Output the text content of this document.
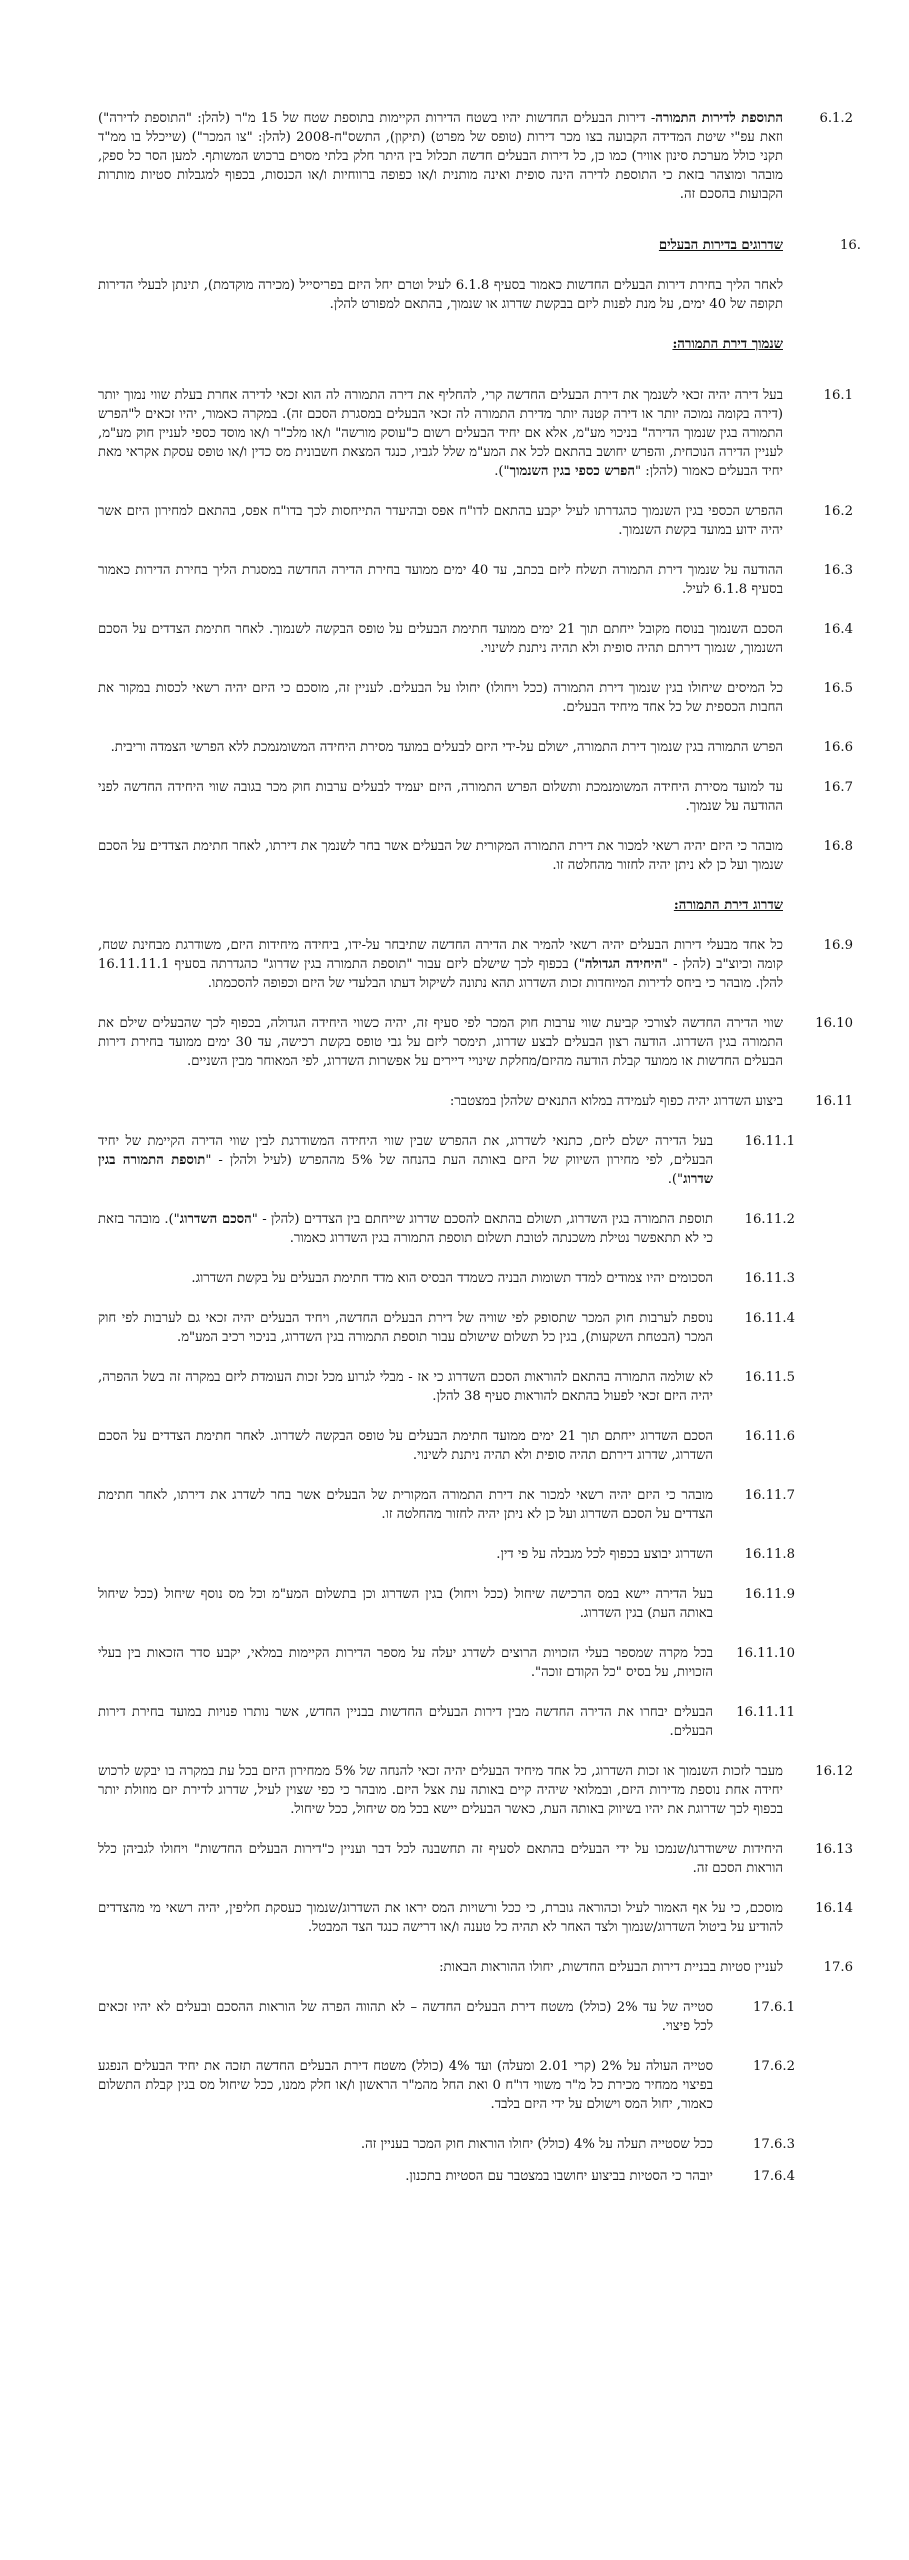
6.1.2
התוספת לדירות התמורה- דירות הבעלים החדשות יהיו בשטח הדירות הקיימות בתוספת שטח של 15 מ"ר (להלן: "התוספת לדירה") וזאת עפ"י שיטת המדידה הקבועה בצו מכר דירות (טופס של מפרט) (תיקון), התשס"ח-2008 (להלן: "צו המכר") (שייכלל בו ממ"ד תקני כולל מערכת סינון אוויר) כמו כן, כל דירות הבעלים חדשה תכלול בין היתר חלק בלתי מסוים ברכוש המשותף. למען הסר כל ספק, מובהר ומוצהר בזאת כי התוספת לדירה הינה סופית ואינה מותנית ו/או כפופה ברווחיות ו/או הכנסות, בכפוף למגבלות סטיות מותרות הקבועות בהסכם זה.
16.
שדרוגים בדירות הבעלים
לאחר הליך בחירת דירות הבעלים החדשות כאמור בסעיף 6.1.8 לעיל וטרם יחל היזם בפריסייל (מכירה מוקדמת), תינתן לבעלי הדירות תקופה של 40 ימים, על מנת לפנות ליזם בבקשת שדרוג או שנמוך, בהתאם למפורט להלן.
שנמוך דירת התמורה:
16.1
בעל דירה יהיה זכאי לשנמך את דירת הבעלים החדשה קרי, להחליף את דירה התמורה לה הוא זכאי לדירה אחרת בעלת שווי נמוך יותר (דירה בקומה נמוכה יותר או דירה קטנה יותר מדירת התמורה לה זכאי הבעלים במסגרת הסכם זה). במקרה כאמור, יהיו זכאים ל"הפרש התמורה בגין שנמוך הדירה" בניכוי מע"מ, אלא אם יחיד הבעלים רשום כ"עוסק מורשה" ו/או מלכ"ר ו/או מוסד כספי לעניין חוק מע"מ, לעניין הדירה הנוכחית, והפרש יחושב בהתאם לכל את המע"מ שלל לגביו, כנגד המצאת חשבונית מס כדין ו/או טופס עסקת אקראי מאת יחיד הבעלים כאמור (להלן: "הפרש כספי בגין השנמוך").
16.2
ההפרש הכספי בגין השנמוך כהגדרתו לעיל יקבע בהתאם לדו"ח אפס ובהיעדר התייחסות לכך בדו"ח אפס, בהתאם למחירון היזם אשר יהיה ידוע במועד בקשת השנמוך.
16.3
ההודעה על שנמוך דירת התמורה תשלח ליזם בכתב, עד 40 ימים ממועד בחירת הדירה החדשה במסגרת הליך בחירת הדירות כאמור בסעיף 6.1.8 לעיל.
16.4
הסכם השנמוך בנוסח מקובל ייחתם תוך 21 ימים ממועד חתימת הבעלים על טופס הבקשה לשנמוך. לאחר חתימת הצדדים על הסכם השנמוך, שנמוך דירתם תהיה סופית ולא תהיה ניתנת לשינוי.
16.5
כל המיסים שיחולו בגין שנמוך דירת התמורה (ככל ויחולו) יחולו על הבעלים. לעניין זה, מוסכם כי היזם יהיה רשאי לכסות במקור את החבות הכספית של כל אחד מיחיד הבעלים.
16.6
הפרש התמורה בגין שנמוך דירת התמורה, ישולם על-ידי היזם לבעלים במועד מסירת היחידה המשומנמכת ללא הפרשי הצמדה וריבית.
16.7
עד למועד מסירת היחידה המשומנמכת ותשלום הפרש התמורה, היזם יעמיד לבעלים ערבות חוק מכר בגובה שווי היחידה החדשה לפני ההודעה על שנמוך.
16.8
מובהר כי היזם יהיה רשאי למכור את דירת התמורה המקורית של הבעלים אשר בחר לשנמך את דירתו, לאחר חתימת הצדדים על הסכם שנמוך ועל כן לא ניתן יהיה לחזור מהחלטה זו.
שדרוג דירת התמורה:
16.9
כל אחד מבעלי דירות הבעלים יהיה רשאי להמיר את הדירה החדשה שתיבחר על-ידו, ביחידה מיחידות היזם, משודרגת מבחינת שטח, קומה וכיוצ"ב (להלן - "היחידה הגדולה") בכפוף לכך שישלם ליזם עבור "תוספת התמורה בגין שדרוג" כהגדרתה בסעיף 16.11.11.1 להלן. מובהר כי ביחס לדירות המיוחדות זכות השדרוג תהא נתונה לשיקול דעתו הבלעדי של היזם וכפופה להסכמתו.
16.10
שווי הדירה החדשה לצורכי קביעת שווי ערבות חוק המכר לפי סעיף זה, יהיה כשווי היחידה הגדולה, בכפוף לכך שהבעלים שילם את התמורה בגין השדרוג. הודעה רצון הבעלים לבצע שדרוג, תימסר ליזם על גבי טופס בקשת רכישה, עד 30 ימים ממועד בחירת דירות הבעלים החדשות או ממועד קבלת הודעה מהיזם/מחלקת שינויי דיירים על אפשרות השדרוג, לפי המאוחר מבין השניים.
16.11
ביצוע השדרוג יהיה כפוף לעמידה במלוא התנאים שלהלן במצטבר:
16.11.1
בעל הדירה ישלם ליזם, כתנאי לשדרוג, את ההפרש שבין שווי היחידה המשודרגת לבין שווי הדירה הקיימת של יחיד הבעלים, לפי מחירון השיווק של היזם באותה העת בהנחה של 5% מההפרש (לעיל ולהלן - "תוספת התמורה בגין שדרוג").
16.11.2
תוספת התמורה בגין השדרוג, תשולם בהתאם להסכם שדרוג שייחתם בין הצדדים (להלן - "הסכם השדרוג"). מובהר בזאת כי לא תתאפשר נטילת משכנתה לטובת תשלום תוספת התמורה בגין השדרוג כאמור.
16.11.3
הסכומים יהיו צמודים למדד תשומות הבניה כשמדד הבסיס הוא מדד חתימת הבעלים על בקשת השדרוג.
16.11.4
נוספת לערבות חוק המכר שתסופק לפי שוויה של דירת הבעלים החדשה, ויחיד הבעלים יהיה זכאי גם לערבות לפי חוק המכר (הבטחת השקעות), בגין כל תשלום שישולם עבור תוספת התמורה בגין השדרוג, בניכוי רכיב המע"מ.
16.11.5
לא שולמה התמורה בהתאם להוראות הסכם השדרוג כי אז - מבלי לגרוע מכל זכות העומדת ליזם במקרה זה בשל ההפרה, יהיה היזם זכאי לפעול בהתאם להוראות סעיף 38 להלן.
16.11.6
הסכם השדרוג ייחתם תוך 21 ימים ממועד חתימת הבעלים על טופס הבקשה לשדרוג. לאחר חתימת הצדדים על הסכם השדרוג, שדרוג דירתם תהיה סופית ולא תהיה ניתנת לשינוי.
16.11.7
מובהר כי היזם יהיה רשאי למכור את דירת התמורה המקורית של הבעלים אשר בחר לשדרג את דירתו, לאחר חתימת הצדדים על הסכם השדרוג ועל כן לא ניתן יהיה לחזור מהחלטה זו.
16.11.8
השדרוג יבוצע בכפוף לכל מגבלה על פי דין.
16.11.9
בעל הדירה יישא במס הרכישה שיחול (ככל ויחול) בגין השדרוג וכן בתשלום המע"מ וכל מס נוסף שיחול (ככל שיחול באותה העת) בגין השדרוג.
16.11.10
בכל מקרה שמספר בעלי הזכויות הרוצים לשדרג יעלה על מספר הדירות הקיימות במלאי, יקבע סדר הזכאות בין בעלי הזכויות, על בסיס "כל הקודם זוכה".
16.11.11
הבעלים יבחרו את הדירה החדשה מבין דירות הבעלים החדשות בבניין החדש, אשר נותרו פנויות במועד בחירת דירות הבעלים.
16.12
מעבר לזכות השנמוך או זכות השדרוג, כל אחד מיחיד הבעלים יהיה זכאי להנחה של 5% ממחירון היזם בכל עת במקרה בו יבקש לרכוש יחידה אחת נוספת מדירות היזם, ובמלואי שיהיה קיים באותה עת אצל היזם. מובהר כי כפי שצוין לעיל, שדרוג לדירת יזם מוזולת יותר בכפוף לכך שדרוגת את יהיו בשיווק באותה העת, כאשר הבעלים יישא בכל מס שיחול, ככל שיחול.
16.13
היחידות שישודרגו/שנמכו על ידי הבעלים בהתאם לסעיף זה תחשבנה לכל דבר ועניין כ"דירות הבעלים החדשות" ויחולו לגביהן כלל הוראות הסכם זה.
16.14
מוסכם, כי על אף האמור לעיל וכהוראה גוברת, כי ככל ורשויות המס יראו את השדרוג/שנמוך כעסקת חליפין, יהיה רשאי מי מהצדדים להודיע על ביטול השדרוג/שנמוך ולצד האחר לא תהיה כל טענה ו/או דרישה כנגד הצד המבטל.
17.6
לעניין סטיות בבניית דירות הבעלים החדשות, יחולו ההוראות הבאות:
17.6.1
סטייה של עד 2% (כולל) משטח דירת הבעלים החדשה – לא תהווה הפרה של הוראות ההסכם ובעלים לא יהיו זכאים לכל פיצוי.
17.6.2
סטייה העולה על 2% (קרי 2.01 ומעלה) ועד 4% (כולל) משטח דירת הבעלים החדשה תזכה את יחיד הבעלים הנפגע בפיצוי ממחיר מכירת כל מ"ר משווי דו"ח 0 ואת החל מהמ"ר הראשון ו/או חלק ממנו, ככל שיחול מס בגין קבלת התשלום כאמור, יחול המס וישולם על ידי היזם בלבד.
17.6.3
ככל שסטייה תעלה על 4% (כולל) יחולו הוראות חוק המכר בעניין זה.
17.6.4
יובהר כי הסטיות בביצוע יחושבו במצטבר עם הסטיות בתכנון.
